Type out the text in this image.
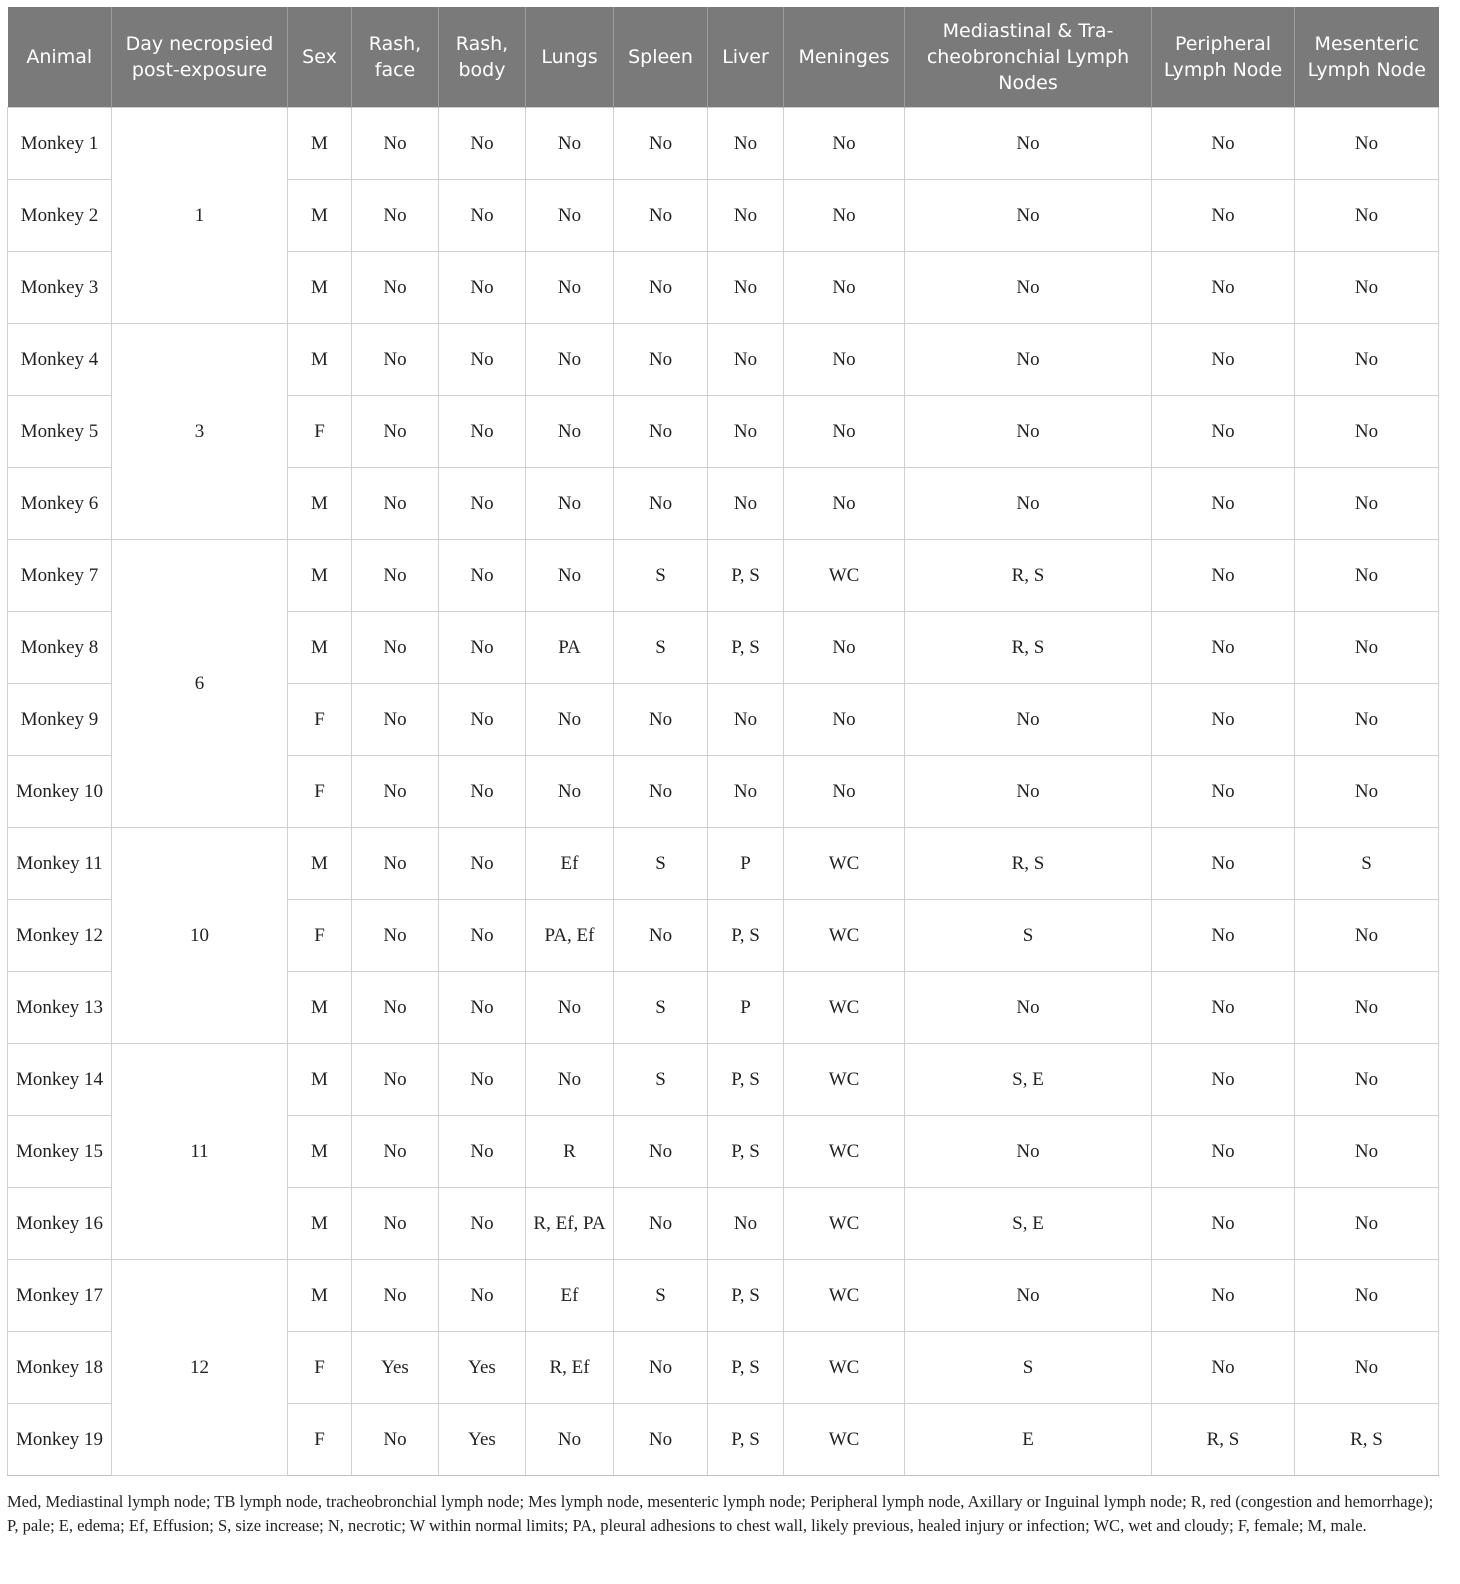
Animal	Day necropsied post-exposure	Sex	Rash, face	Rash, body	Lungs	Spleen	Liver	Meninges	Mediastinal & Tra-cheobronchial Lymph Nodes	Peripheral Lymph Node	Mesenteric Lymph Node
Monkey 1	1	M	No	No	No	No	No	No	No	No	No
Monkey 2		M	No	No	No	No	No	No	No	No	No
Monkey 3		M	No	No	No	No	No	No	No	No	No
Monkey 4	3	M	No	No	No	No	No	No	No	No	No
Monkey 5		F	No	No	No	No	No	No	No	No	No
Monkey 6		M	No	No	No	No	No	No	No	No	No
Monkey 7	6	M	No	No	No	S	P, S	WC	R, S	No	No
Monkey 8		M	No	No	PA	S	P, S	No	R, S	No	No
Monkey 9		F	No	No	No	No	No	No	No	No	No
Monkey 10		F	No	No	No	No	No	No	No	No	No
Monkey 11	10	M	No	No	Ef	S	P	WC	R, S	No	S
Monkey 12		F	No	No	PA, Ef	No	P, S	WC	S	No	No
Monkey 13		M	No	No	No	S	P	WC	No	No	No
Monkey 14	11	M	No	No	No	S	P, S	WC	S, E	No	No
Monkey 15		M	No	No	R	No	P, S	WC	No	No	No
Monkey 16		M	No	No	R, Ef, PA	No	No	WC	S, E	No	No
Monkey 17	12	M	No	No	Ef	S	P, S	WC	No	No	No
Monkey 18		F	Yes	Yes	R, Ef	No	P, S	WC	S	No	No
Monkey 19		F	No	Yes	No	No	P, S	WC	E	R, S	R, S

Med, Mediastinal lymph node; TB lymph node, tracheobronchial lymph node; Mes lymph node, mesenteric lymph node; Peripheral lymph node, Axillary or Inguinal lymph node; R, red (congestion and hemorrhage); P, pale; E, edema; Ef, Effusion; S, size increase; N, necrotic; W within normal limits; PA, pleural adhesions to chest wall, likely previous, healed injury or infection; WC, wet and cloudy; F, female; M, male.
